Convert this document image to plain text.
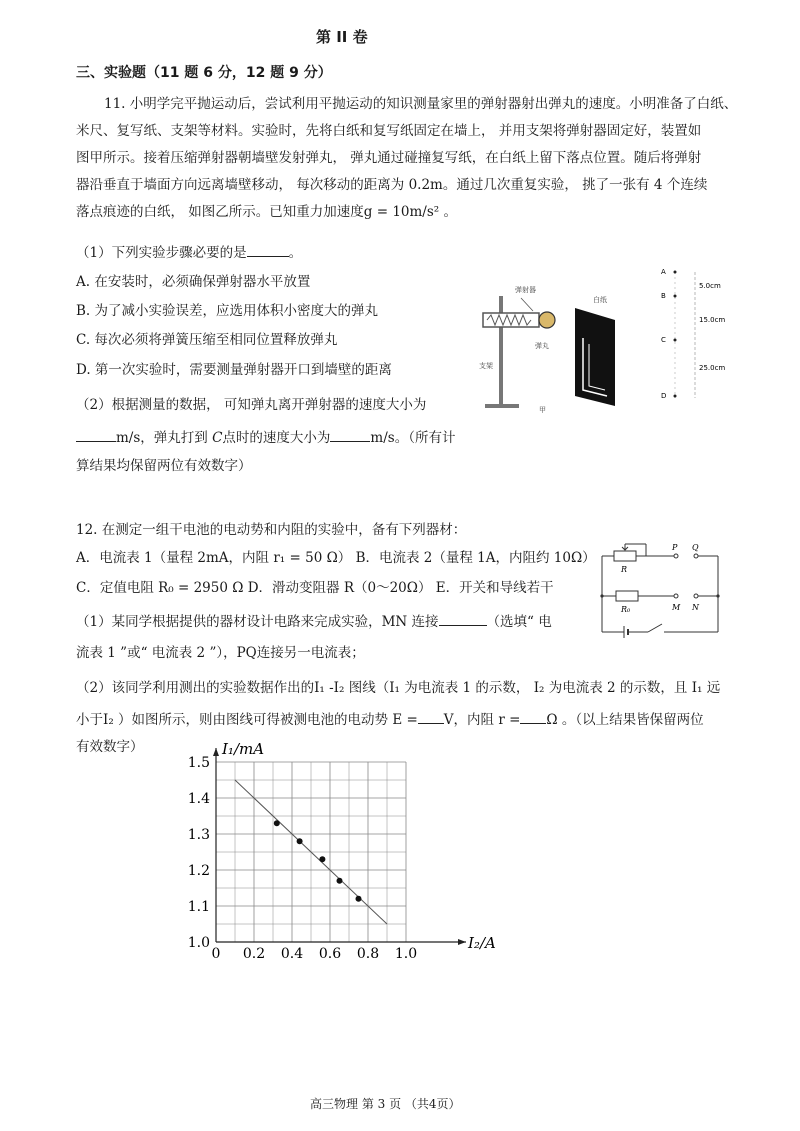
第 II 卷
三、实验题（11 题 6 分，12 题 9 分）
11. 小明学完平抛运动后，尝试利用平抛运动的知识测量家里的弹射器射出弹丸的速度。小明准备了白纸、
米尺、复写纸、支架等材料。实验时，先将白纸和复写纸固定在墙上， 并用支架将弹射器固定好，装置如
图甲所示。接着压缩弹射器朝墙壁发射弹丸， 弹丸通过碰撞复写纸，在白纸上留下落点位置。随后将弹射
器沿垂直于墙面方向远离墙壁移动， 每次移动的距离为 0.2m。通过几次重复实验， 挑了一张有 4 个连续
落点痕迹的白纸， 如图乙所示。已知重力加速度g = 10m/s² 。
（1）下列实验步骤必要的是	。
A. 在安装时，必须确保弹射器水平放置
B. 为了减小实验误差，应选用体积小密度大的弹丸
C. 每次必须将弹簧压缩至相同位置释放弹丸
D. 第一次实验时，需要测量弹射器开口到墙壁的距离
（2）根据测量的数据， 可知弹丸离开弹射器的速度大小为
m/s，弹丸打到 C点时的速度大小为	m/s。（所有计
算结果均保留两位有效数字）
弹射器
弹丸
支架
白纸
甲
A
B
C
D
5.0cm
15.0cm
25.0cm
12. 在测定一组干电池的电动势和内阻的实验中，备有下列器材：
A．电流表 1（量程 2mA，内阻 r₁ = 50 Ω） B．电流表 2（量程 1A，内阻约 10Ω）
C．定值电阻 R₀ = 2950 Ω D．滑动变阻器 R（0～20Ω） E．开关和导线若干
（1）某同学根据提供的器材设计电路来完成实验，MN 连接	（选填“ 电
流表 1 ”或“ 电流表 2 ”），PQ连接另一电流表；
（2）该同学利用测出的实验数据作出的I₁ -I₂ 图线（I₁ 为电流表 1 的示数， I₂ 为电流表 2 的示数，且 I₁ 远
小于I₂ ）如图所示，则由图线可得被测电池的电动势 E = V，内阻 r = Ω 。（以上结果皆保留两位
有效数字）
P Q
M N
R
R₀
0 0.2 0.4 0.6 0.8 1.0
1.0
1.1
1.2
1.3
1.4
1.5
I₁/mA
I₂/A
高三物理 第 3 页 （共4页）
